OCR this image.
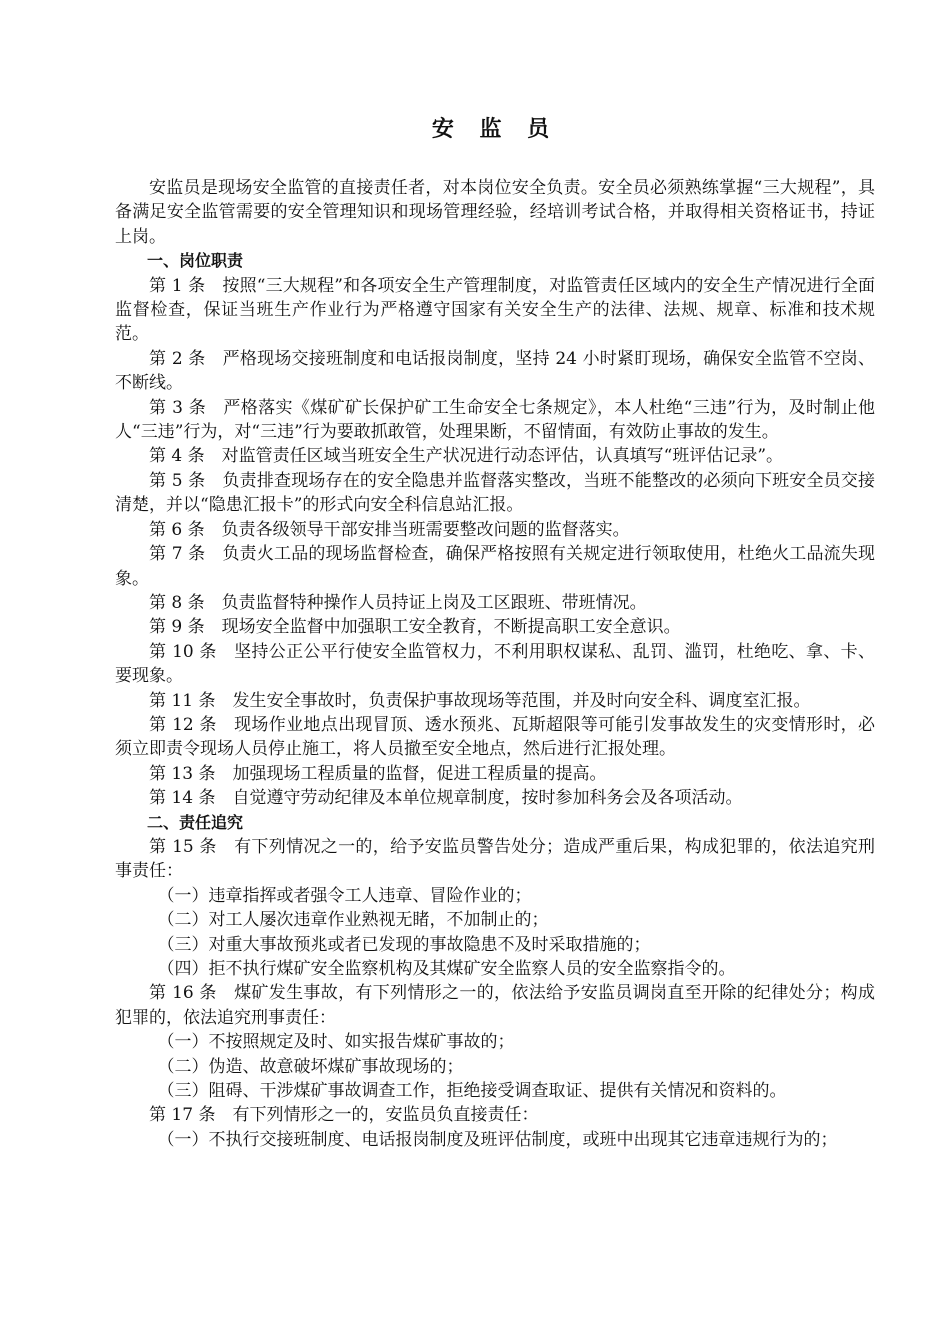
安 监 员

安监员是现场安全监管的直接责任者，对本岗位安全负责。安全员必须熟练掌握“三大规程”，具备满足安全监管需要的安全管理知识和现场管理经验，经培训考试合格，并取得相关资格证书，持证上岗。

一、岗位职责

第 1 条　按照“三大规程”和各项安全生产管理制度，对监管责任区域内的安全生产情况进行全面监督检查，保证当班生产作业行为严格遵守国家有关安全生产的法律、法规、规章、标准和技术规范。

第 2 条　严格现场交接班制度和电话报岗制度，坚持 24 小时紧盯现场，确保安全监管不空岗、不断线。

第 3 条　严格落实《煤矿矿长保护矿工生命安全七条规定》，本人杜绝“三违”行为，及时制止他人“三违”行为，对“三违”行为要敢抓敢管，处理果断，不留情面，有效防止事故的发生。

第 4 条　对监管责任区域当班安全生产状况进行动态评估，认真填写“班评估记录”。

第 5 条　负责排查现场存在的安全隐患并监督落实整改，当班不能整改的必须向下班安全员交接清楚，并以“隐患汇报卡”的形式向安全科信息站汇报。

第 6 条　负责各级领导干部安排当班需要整改问题的监督落实。

第 7 条　负责火工品的现场监督检查，确保严格按照有关规定进行领取使用，杜绝火工品流失现象。

第 8 条　负责监督特种操作人员持证上岗及工区跟班、带班情况。

第 9 条　现场安全监督中加强职工安全教育，不断提高职工安全意识。

第 10 条　坚持公正公平行使安全监管权力，不利用职权谋私、乱罚、滥罚，杜绝吃、拿、卡、要现象。

第 11 条　发生安全事故时，负责保护事故现场等范围，并及时向安全科、调度室汇报。

第 12 条　现场作业地点出现冒顶、透水预兆、瓦斯超限等可能引发事故发生的灾变情形时，必须立即责令现场人员停止施工，将人员撤至安全地点，然后进行汇报处理。

第 13 条　加强现场工程质量的监督，促进工程质量的提高。

第 14 条　自觉遵守劳动纪律及本单位规章制度，按时参加科务会及各项活动。

二、责任追究

第 15 条　有下列情况之一的，给予安监员警告处分；造成严重后果，构成犯罪的，依法追究刑事责任：

（一）违章指挥或者强令工人违章、冒险作业的；

（二）对工人屡次违章作业熟视无睹，不加制止的；

（三）对重大事故预兆或者已发现的事故隐患不及时采取措施的；

（四）拒不执行煤矿安全监察机构及其煤矿安全监察人员的安全监察指令的。

第 16 条　煤矿发生事故，有下列情形之一的，依法给予安监员调岗直至开除的纪律处分；构成犯罪的，依法追究刑事责任：

（一）不按照规定及时、如实报告煤矿事故的；

（二）伪造、故意破坏煤矿事故现场的；

（三）阻碍、干涉煤矿事故调查工作，拒绝接受调查取证、提供有关情况和资料的。

第 17 条　有下列情形之一的，安监员负直接责任：

（一）不执行交接班制度、电话报岗制度及班评估制度，或班中出现其它违章违规行为的；
